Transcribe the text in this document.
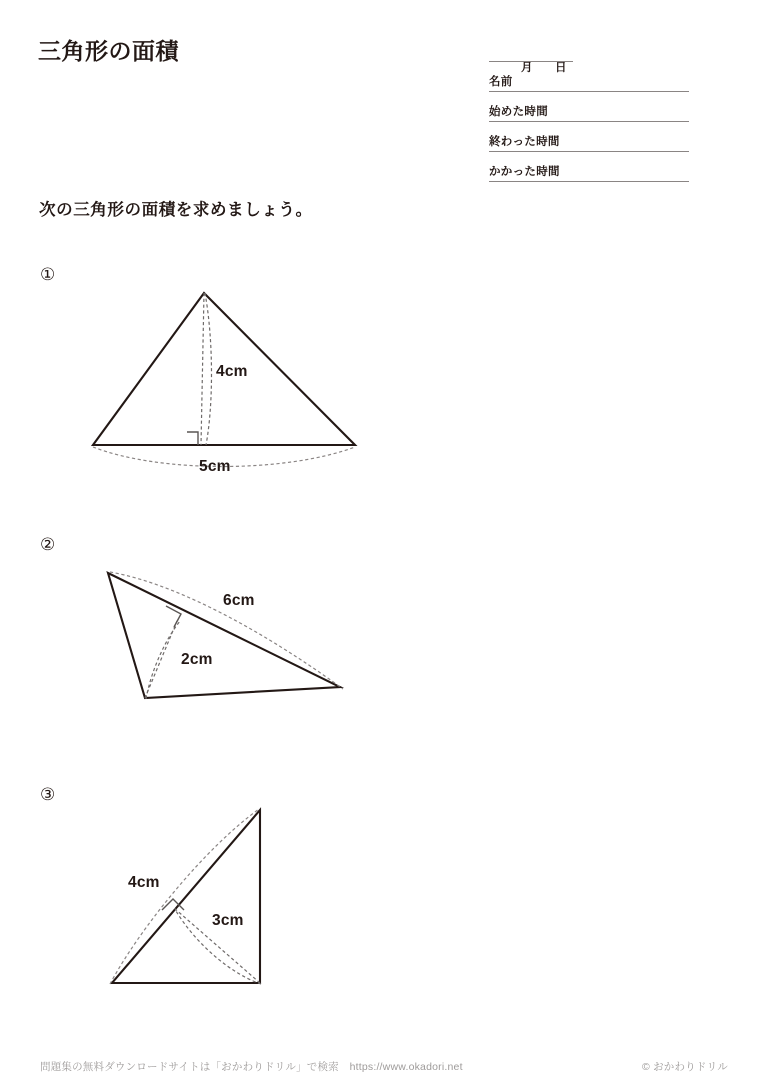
三角形の面積
月 日
名前
始めた時間
終わった時間
かかった時間
次の三角形の面積を求めましょう。
①
4cm
5cm
②
6cm
2cm
③
4cm
3cm
問題集の無料ダウンロードサイトは「おかわりドリル」で検索　https://www.okadori.net	© おかわりドリル
